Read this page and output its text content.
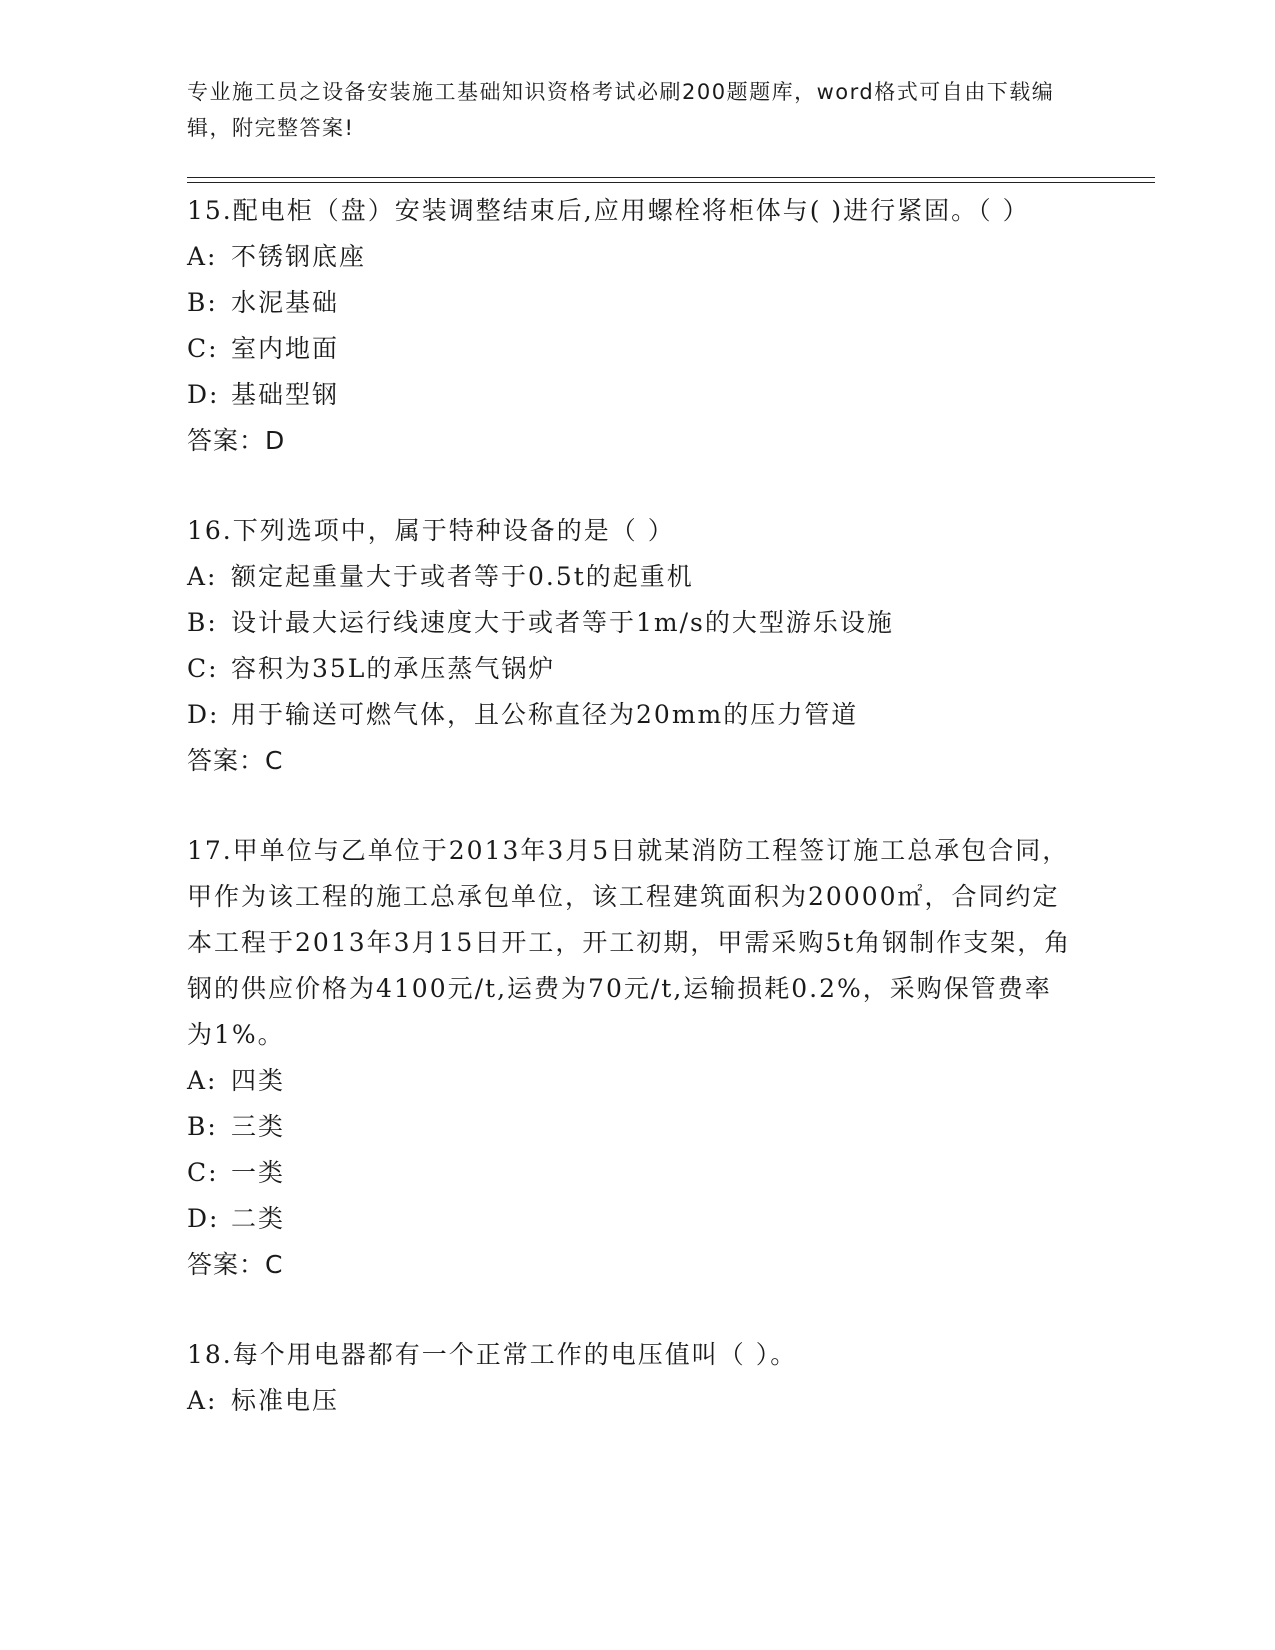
专业施工员之设备安装施工基础知识资格考试必刷200题题库，word格式可自由下载编辑，附完整答案!

15.配电柜（盘）安装调整结束后,应用螺栓将柜体与( )进行紧固。（ ）

A: 不锈钢底座
B: 水泥基础
C: 室内地面
D: 基础型钢

答案：D

16.下列选项中，属于特种设备的是（ ）

A: 额定起重量大于或者等于0.5t的起重机
B: 设计最大运行线速度大于或者等于1m/s的大型游乐设施
C: 容积为35L的承压蒸气锅炉
D: 用于输送可燃气体，且公称直径为20mm的压力管道

答案：C

17.甲单位与乙单位于2013年3月5日就某消防工程签订施工总承包合同，甲作为该工程的施工总承包单位，该工程建筑面积为20000㎡，合同约定本工程于2013年3月15日开工，开工初期，甲需采购5t角钢制作支架，角钢的供应价格为4100元/t,运费为70元/t,运输损耗0.2%，采购保管费率为1%。

A: 四类
B: 三类
C: 一类
D: 二类

答案：C

18.每个用电器都有一个正常工作的电压值叫（ ）。

A: 标准电压
